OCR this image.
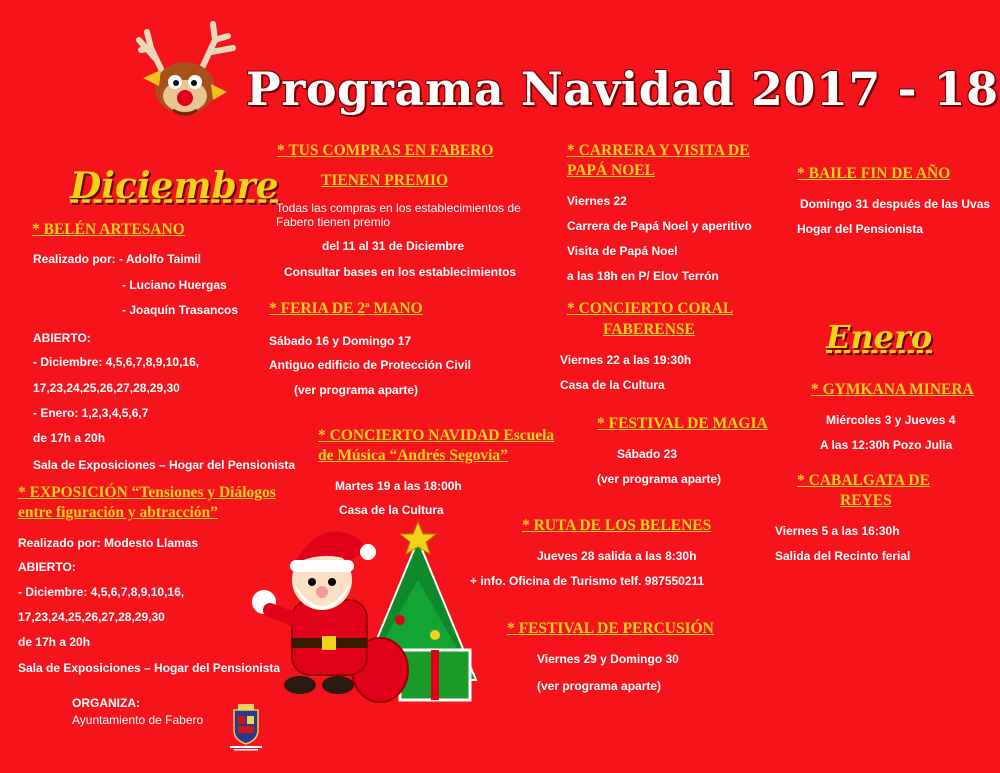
Programa Navidad 2017 - 18
Diciembre
Enero
* BELÉN ARTESANO
Realizado por: - Adolfo Taimil
- Luciano Huergas
- Joaquín Trasancos
ABIERTO:
- Diciembre: 4,5,6,7,8,9,10,16,
17,23,24,25,26,27,28,29,30
- Enero: 1,2,3,4,5,6,7
de 17h a 20h
Sala de Exposiciones – Hogar del Pensionista
* EXPOSICIÓN “Tensiones y Diálogos
entre figuración y abtracción”
Realizado por: Modesto Llamas
ABIERTO:
- Diciembre: 4,5,6,7,8,9,10,16,
17,23,24,25,26,27,28,29,30
de 17h a 20h
Sala de Exposiciones – Hogar del Pensionista
ORGANIZA:
Ayuntamiento de Fabero
* TUS COMPRAS EN FABERO
TIENEN PREMIO
Todas las compras en los establecimientos de
Fabero tienen premio
del 11 al 31 de Diciembre
Consultar bases en los establecimientos
* FERIA DE 2ª MANO
Sábado 16 y Domingo 17
Antiguo edificio de Protección Civil
(ver programa aparte)
* CONCIERTO NAVIDAD Escuela
de Música “Andrés Segovia”
Martes 19 a las 18:00h
Casa de la Cultura
* CARRERA Y VISITA DE
PAPÁ NOEL
Viernes 22
Carrera de Papá Noel y aperitivo
Visita de Papá Noel
a las 18h en P/ Elov Terrón
* CONCIERTO CORAL
FABERENSE
Viernes 22 a las 19:30h
Casa de la Cultura
* FESTIVAL DE MAGIA
Sábado 23
(ver programa aparte)
* RUTA DE LOS BELENES
Jueves 28 salida a las 8:30h
+ info. Oficina de Turismo telf. 987550211
* FESTIVAL DE PERCUSIÓN
Viernes 29 y Domingo 30
(ver programa aparte)
* BAILE FIN DE AÑO
Domingo 31 después de las Uvas
Hogar del Pensionista
* GYMKANA MINERA
Miércoles 3 y Jueves 4
A las 12:30h Pozo Julia
* CABALGATA DE
REYES
Viernes 5 a las 16:30h
Salida del Recinto ferial
